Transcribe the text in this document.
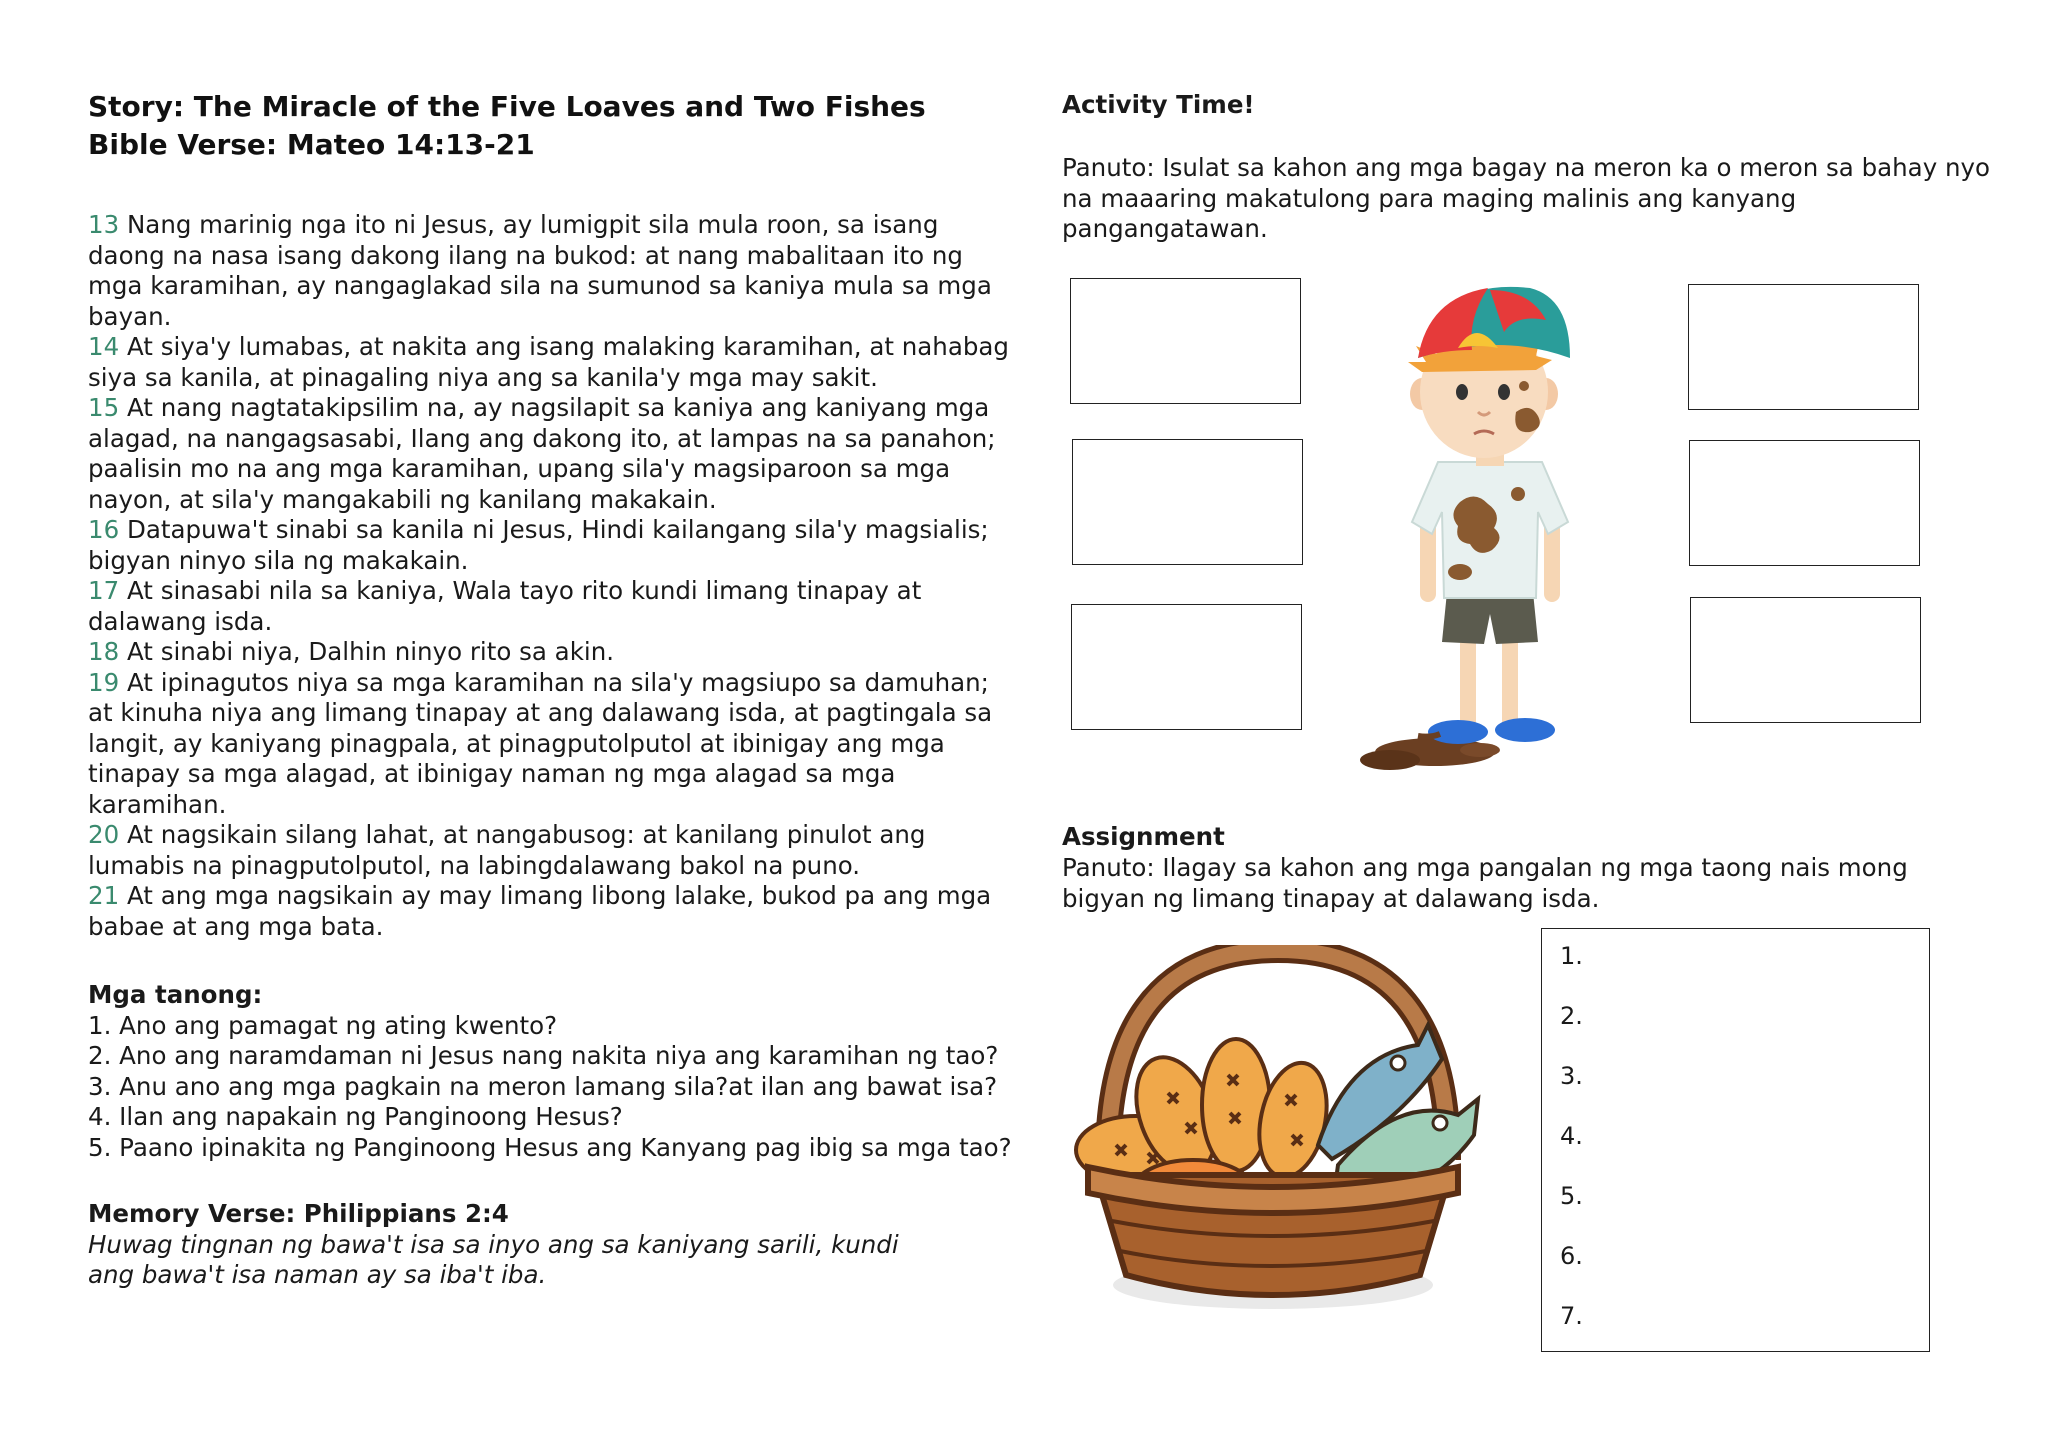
Story: The Miracle of the Five Loaves and Two Fishes
Bible Verse: Mateo 14:13-21
13 Nang marinig nga ito ni Jesus, ay lumigpit sila mula roon, sa isang daong na nasa isang dakong ilang na bukod: at nang mabalitaan ito ng mga karamihan, ay nangaglakad sila na sumunod sa kaniya mula sa mga bayan.
14 At siya'y lumabas, at nakita ang isang malaking karamihan, at nahabag siya sa kanila, at pinagaling niya ang sa kanila'y mga may sakit.
15 At nang nagtatakipsilim na, ay nagsilapit sa kaniya ang kaniyang mga alagad, na nangagsasabi, Ilang ang dakong ito, at lampas na sa panahon; paalisin mo na ang mga karamihan, upang sila'y magsiparoon sa mga nayon, at sila'y mangakabili ng kanilang makakain.
16 Datapuwa't sinabi sa kanila ni Jesus, Hindi kailangang sila'y magsialis; bigyan ninyo sila ng makakain.
17 At sinasabi nila sa kaniya, Wala tayo rito kundi limang tinapay at dalawang isda.
18 At sinabi niya, Dalhin ninyo rito sa akin.
19 At ipinagutos niya sa mga karamihan na sila'y magsiupo sa damuhan; at kinuha niya ang limang tinapay at ang dalawang isda, at pagtingala sa langit, ay kaniyang pinagpala, at pinagputolputol at ibinigay ang mga tinapay sa mga alagad, at ibinigay naman ng mga alagad sa mga karamihan.
20 At nagsikain silang lahat, at nangabusog: at kanilang pinulot ang lumabis na pinagputolputol, na labingdalawang bakol na puno.
21 At ang mga nagsikain ay may limang libong lalake, bukod pa ang mga babae at ang mga bata.
Mga tanong:
1. Ano ang pamagat ng ating kwento?
2. Ano ang naramdaman ni Jesus nang nakita niya ang karamihan ng tao?
3. Anu ano ang mga pagkain na meron lamang sila?at ilan ang bawat isa?
4. Ilan ang napakain ng Panginoong Hesus?
5. Paano ipinakita ng Panginoong Hesus ang Kanyang pag ibig sa mga tao?
Memory Verse: Philippians 2:4
Huwag tingnan ng bawa't isa sa inyo ang sa kaniyang sarili, kundi ang bawa't isa naman ay sa iba't iba.
Activity Time!
Panuto: Isulat sa kahon ang mga bagay na meron ka o meron sa bahay nyo na maaaring makatulong para maging malinis ang kanyang pangangatawan.
Assignment
Panuto: Ilagay sa kahon ang mga pangalan ng mga taong nais mong bigyan ng limang tinapay at dalawang isda.
1.
2.
3.
4.
5.
6.
7.
